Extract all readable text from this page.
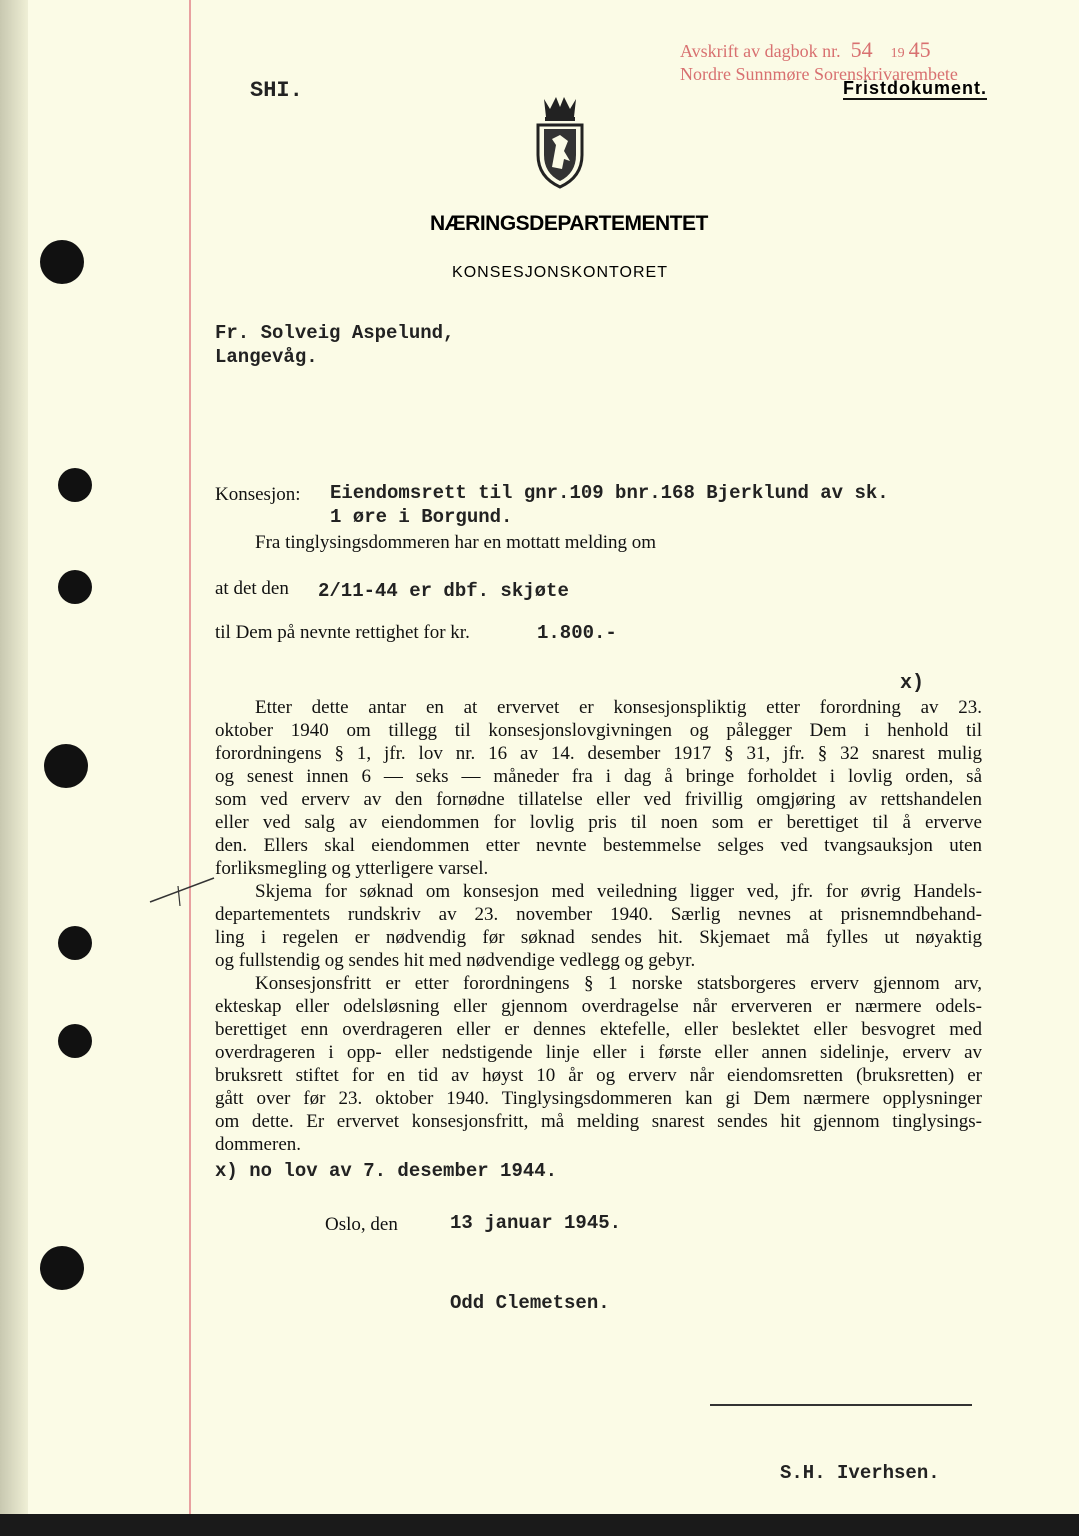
Avskrift av dagbok nr. 54 19 45
Nordre Sunnmøre Sorenskrivarembete
Fristdokument.
SHI.
NÆRINGSDEPARTEMENTET
KONSESJONSKONTORET
Fr. Solveig Aspelund,
Langevåg.
Konsesjon: Eiendomsrett til gnr.109 bnr.168 Bjerklund av sk.
1 øre i Borgund.
Fra tinglysingsdommeren har en mottatt melding om
at det den 2/11-44 er dbf. skjøte
til Dem på nevnte rettighet for kr.	1.800.-
x)
Etter dette antar en at ervervet er konsesjonspliktig etter forordning av 23.
oktober 1940 om tillegg til konsesjonslovgivningen og pålegger Dem i henhold til
forordningens § 1, jfr. lov nr. 16 av 14. desember 1917 § 31, jfr. § 32 snarest mulig
og senest innen 6 — seks — måneder fra i dag å bringe forholdet i lovlig orden, så
som ved erverv av den fornødne tillatelse eller ved frivillig omgjøring av rettshandelen
eller ved salg av eiendommen for lovlig pris til noen som er berettiget til å erverve
den. Ellers skal eiendommen etter nevnte bestemmelse selges ved tvangsauksjon uten
forliksmegling og ytterligere varsel.
Skjema for søknad om konsesjon med veiledning ligger ved, jfr. for øvrig Handels-
departementets rundskriv av 23. november 1940. Særlig nevnes at prisnemndbehand-
ling i regelen er nødvendig før søknad sendes hit. Skjemaet må fylles ut nøyaktig
og fullstendig og sendes hit med nødvendige vedlegg og gebyr.
Konsesjonsfritt er etter forordningens § 1 norske statsborgeres erverv gjennom arv,
ekteskap eller odelsløsning eller gjennom overdragelse når erververen er nærmere odels-
berettiget enn overdrageren eller er dennes ektefelle, eller beslektet eller besvogret med
overdrageren i opp- eller nedstigende linje eller i første eller annen sidelinje, erverv av
bruksrett stiftet for en tid av høyst 10 år og erverv når eiendomsretten (bruksretten) er
gått over før 23. oktober 1940. Tinglysingsdommeren kan gi Dem nærmere opplysninger
om dette. Er ervervet konsesjonsfritt, må melding snarest sendes hit gjennom tinglysings-
dommeren.
x) no lov av 7. desember 1944.
Oslo, den	13 januar 1945.
Odd Clemetsen.
S.H. Iverhsen.
